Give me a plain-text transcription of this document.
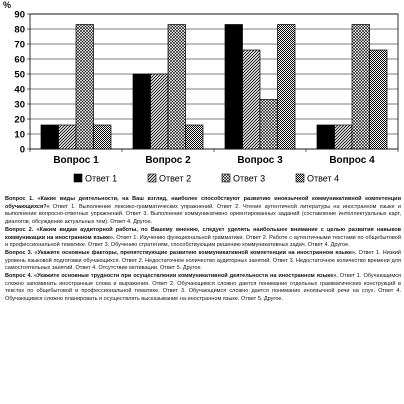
%
0
10
20
30
40
50
60
70
80
90
Вопрос 1	Вопрос 2	Вопрос 3	Вопрос 4
Ответ 1	Ответ 2	Ответ 3	Ответ 4
Вопрос 1. «Какие виды деятельности, на Ваш взгляд, наиболее способствуют развитию иноязычной коммуникативной компетенции обучающихся?» Ответ 1. Выполнение лексико-грамматических упражнений. Ответ 2. Чтение аутентичной литературы на иностранном языке и выполнение вопросно-ответных упражнений. Ответ 3. Выполнение коммуникативно ориентированных заданий (составление интеллектуальных карт, диалогов, обсуждение актуальных тем). Ответ 4. Другое.
Вопрос 2. «Каким видам аудиторной работы, по Вашему мнению, следует уделять наибольшее внимание с целью развития навыков коммуникации на иностранном языке». Ответ 1. Изучению функциональной грамматики. Ответ 2. Работе с аутентичными текстами по общебытовой и профессиональной тематике. Ответ 3. Обучению стратегиям, способствующим решению коммуникативных задач. Ответ 4. Другое.
Вопрос 3. «Укажите основные факторы, препятствующие развитию коммуникативной компетенции на иностранном языке». Ответ 1. Низкий уровень языковой подготовки обучающихся. Ответ 2. Недостаточное количество аудиторных занятий. Ответ 3. Недостаточное количество времени для самостоятельных занятий. Ответ 4. Отсутствие мотивации. Ответ 5. Другое.
Вопрос 4. «Укажите основные трудности при осуществлении коммуникативной деятельности на иностранном языке». Ответ 1. Обучающимся сложно запоминать иностранные слова и выражения. Ответ 2. Обучающимся сложно дается понимание отдельных грамматических конструкций в текстах по общебытовой и профессиональной тематике. Ответ 3. Обучающимся сложно дается понимание иноязычной речи на слух. Ответ 4. Обучающимся сложно планировать и осуществлять высказывание на иностранном языке. Ответ 5. Другое.
